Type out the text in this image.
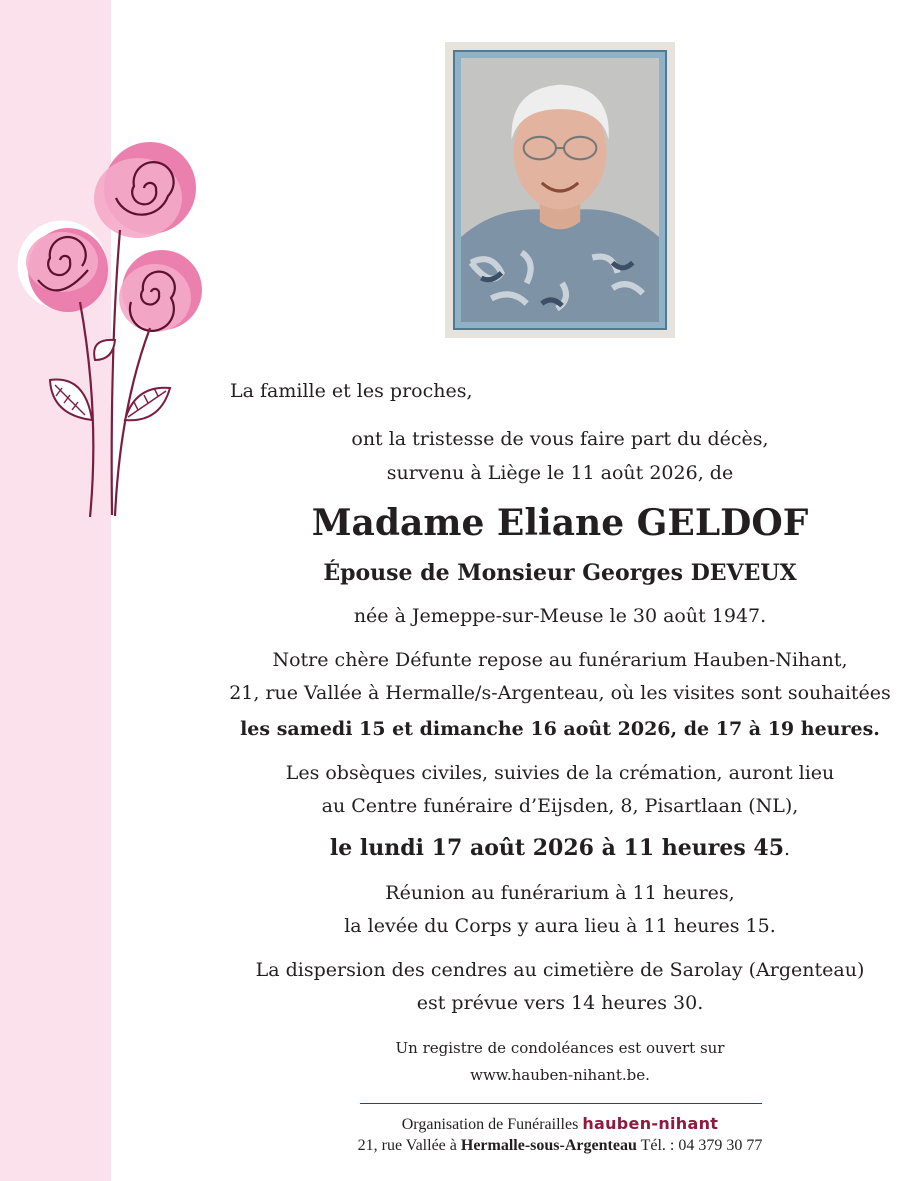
La famille et les proches,
ont la tristesse de vous faire part du décès,
survenu à Liège le 11 août 2026, de
Madame Eliane GELDOF
Épouse de Monsieur Georges DEVEUX
née à Jemeppe-sur-Meuse le 30 août 1947.
Notre chère Défunte repose au funérarium Hauben-Nihant,
21, rue Vallée à Hermalle/s-Argenteau, où les visites sont souhaitées
les samedi 15 et dimanche 16 août 2026, de 17 à 19 heures.
Les obsèques civiles, suivies de la crémation, auront lieu
au Centre funéraire d’Eijsden, 8, Pisartlaan (NL),
le lundi 17 août 2026 à 11 heures 45.
Réunion au funérarium à 11 heures,
la levée du Corps y aura lieu à 11 heures 15.
La dispersion des cendres au cimetière de Sarolay (Argenteau)
est prévue vers 14 heures 30.
Un registre de condoléances est ouvert sur
www.hauben-nihant.be.
Organisation de Funérailles hauben-nihant
21, rue Vallée à Hermalle-sous-Argenteau Tél. : 04 379 30 77
